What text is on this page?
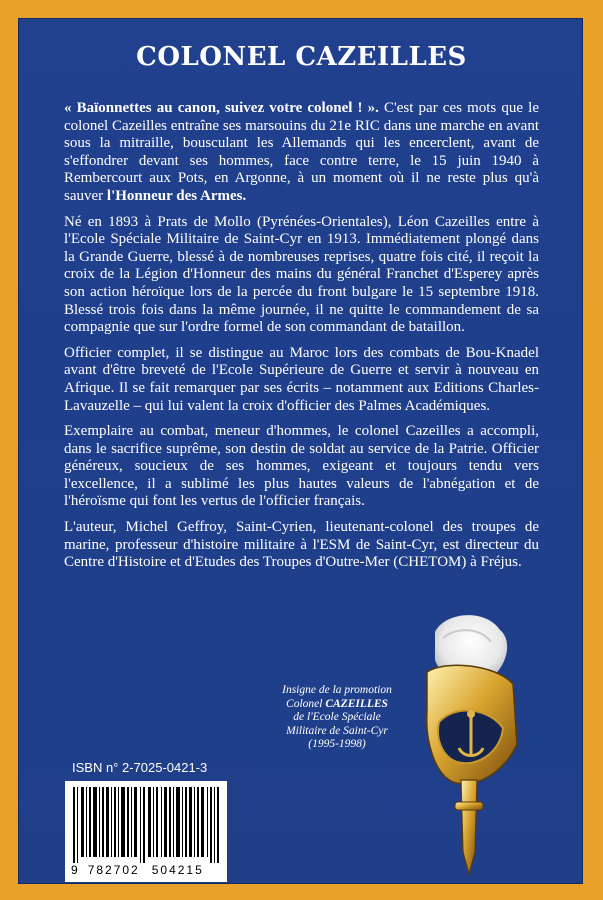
COLONEL CAZEILLES

« Baïonnettes au canon, suivez votre colonel ! ». C'est par ces mots que le colonel Cazeilles entraîne ses marsouins du 21e RIC dans une marche en avant sous la mitraille, bousculant les Allemands qui les encerclent, avant de s'effondrer devant ses hommes, face contre terre, le 15 juin 1940 à Rembercourt aux Pots, en Argonne, à un moment où il ne reste plus qu'à sauver l'Honneur des Armes.

Né en 1893 à Prats de Mollo (Pyrénées-Orientales), Léon Cazeilles entre à l'Ecole Spéciale Militaire de Saint-Cyr en 1913. Immédiatement plongé dans la Grande Guerre, blessé à de nombreuses reprises, quatre fois cité, il reçoit la croix de la Légion d'Honneur des mains du général Franchet d'Esperey après son action héroïque lors de la percée du front bulgare le 15 septembre 1918. Blessé trois fois dans la même journée, il ne quitte le commandement de sa compagnie que sur l'ordre formel de son commandant de bataillon.

Officier complet, il se distingue au Maroc lors des combats de Bou-Knadel avant d'être breveté de l'Ecole Supérieure de Guerre et servir à nouveau en Afrique. Il se fait remarquer par ses écrits – notamment aux Editions Charles-Lavauzelle – qui lui valent la croix d'officier des Palmes Académiques.

Exemplaire au combat, meneur d'hommes, le colonel Cazeilles a accompli, dans le sacrifice suprême, son destin de soldat au service de la Patrie. Officier généreux, soucieux de ses hommes, exigeant et toujours tendu vers l'excellence, il a sublimé les plus hautes valeurs de l'abnégation et de l'héroïsme qui font les vertus de l'officier français.

L'auteur, Michel Geffroy, Saint-Cyrien, lieutenant-colonel des troupes de marine, professeur d'histoire militaire à l'ESM de Saint-Cyr, est directeur du Centre d'Histoire et d'Etudes des Troupes d'Outre-Mer (CHETOM) à Fréjus.

Insigne de la promotion
Colonel CAZEILLES
de l'Ecole Spéciale
Militaire de Saint-Cyr
(1995-1998)
ISBN n° 2-7025-0421-3
9 782702 504215
